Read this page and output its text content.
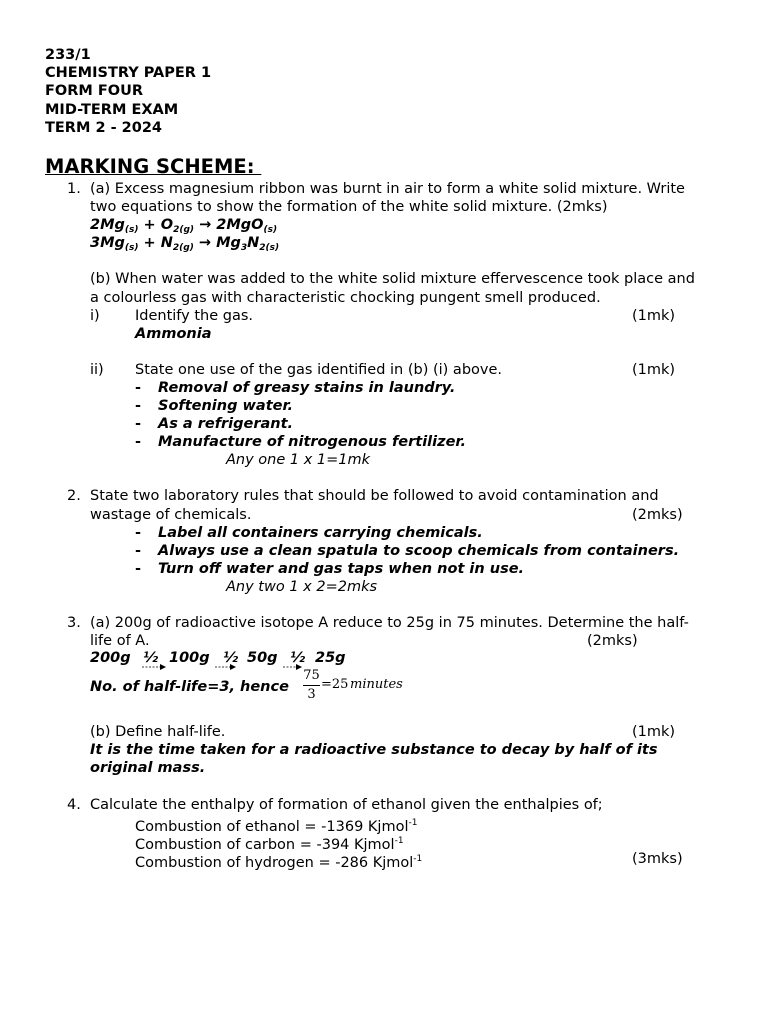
233/1
CHEMISTRY PAPER 1
FORM FOUR
MID-TERM EXAM
TERM 2 - 2024
MARKING SCHEME:
1. (a) Excess magnesium ribbon was burnt in air to form a white solid mixture. Write
two equations to show the formation of the white solid mixture. (2mks)
$2Mg_{(s)} + O_{2(g)} \to 2MgO_{(s)}$
$3Mg_{(s)} + N_{2(g)} \to Mg_3N_{2(s)}$
(b) When water was added to the white solid mixture effervescence took place and
a colourless gas with characteristic chocking pungent smell produced.
i) Identify the gas.	(1mk)
Ammonia
ii) State one use of the gas identified in (b) (i) above.	(1mk)
- Removal of greasy stains in laundry.
- Softening water.
- As a refrigerant.
- Manufacture of nitrogenous fertilizer.
Any one 1 x 1=1mk
2. State two laboratory rules that should be followed to avoid contamination and
wastage of chemicals.	(2mks)
- Label all containers carrying chemicals.
- Always use a clean spatula to scoop chemicals from containers.
- Turn off water and gas taps when not in use.
Any two 1 x 2=2mks
3. (a) 200g of radioactive isotope A reduce to 25g in 75 minutes. Determine the half-
life of A.	(2mks)
200g ½ 100g ½ 50g ½ 25g
No. of half-life=3, hence
75
3
=25 minutes
(b) Define half-life.	(1mk)
It is the time taken for a radioactive substance to decay by half of its
original mass.
4. Calculate the enthalpy of formation of ethanol given the enthalpies of;
Combustion of ethanol = -1369 Kjmol$^{-1}$
Combustion of carbon = -394 Kjmol$^{-1}$
Combustion of hydrogen = -286 Kjmol$^{-1}$	(3mks)
